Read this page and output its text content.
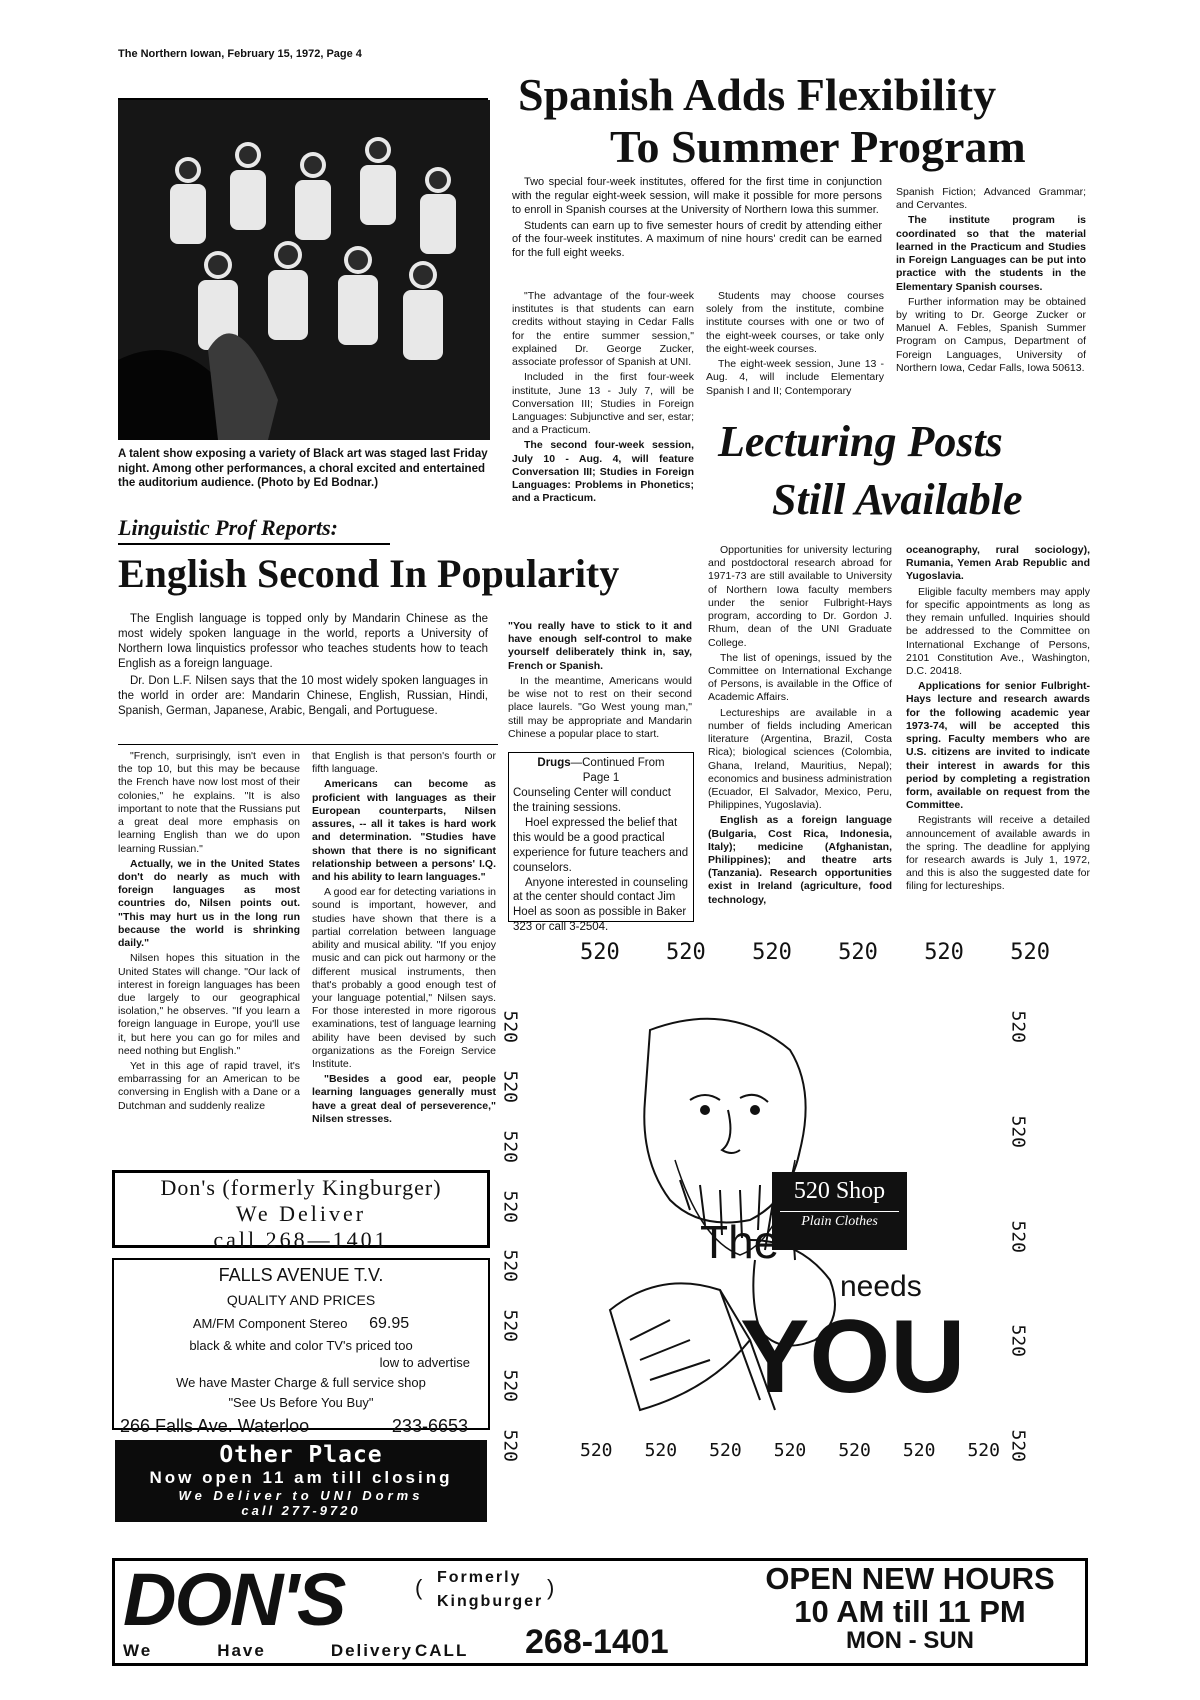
The Northern Iowan, February 15, 1972, Page 4
A talent show exposing a variety of Black art was staged last Friday night. Among other performances, a choral excited and entertained the auditorium audience. (Photo by Ed Bodnar.)
Spanish Adds Flexibility
To Summer Program

Two special four-week institutes, offered for the first time in conjunction with the regular eight-week session, will make it possible for more persons to enroll in Spanish courses at the University of Northern Iowa this summer.

Students can earn up to five semester hours of credit by attending either of the four-week institutes. A maximum of nine hours' credit can be earned for the full eight weeks.

"The advantage of the four-week institutes is that students can earn credits without staying in Cedar Falls for the entire summer session," explained Dr. George Zucker, associate professor of Spanish at UNI.

Included in the first four-week institute, June 13 - July 7, will be Conversation III; Studies in Foreign Languages: Subjunctive and ser, estar; and a Practicum.

The second four-week session, July 10 - Aug. 4, will feature Conversation III; Studies in Foreign Languages: Problems in Phonetics; and a Practicum.

Students may choose courses solely from the institute, combine institute courses with one or two of the eight-week courses, or take only the eight-week courses.

The eight-week session, June 13 - Aug. 4, will include Elementary Spanish I and II; Contemporary

Spanish Fiction; Advanced Grammar; and Cervantes.

The institute program is coordinated so that the material learned in the Practicum and Studies in Foreign Languages can be put into practice with the students in the Elementary Spanish courses.

Further information may be obtained by writing to Dr. George Zucker or Manuel A. Febles, Spanish Summer Program on Campus, Department of Foreign Languages, University of Northern Iowa, Cedar Falls, Iowa 50613.

Lecturing Posts
Still Available
Linguistic Prof Reports:
English Second In Popularity

The English language is topped only by Mandarin Chinese as the most widely spoken language in the world, reports a University of Northern Iowa linquistics professor who teaches students how to teach English as a foreign language.

Dr. Don L.F. Nilsen says that the 10 most widely spoken languages in the world in order are: Mandarin Chinese, English, Russian, Hindi, Spanish, German, Japanese, Arabic, Bengali, and Portuguese.

"French, surprisingly, isn't even in the top 10, but this may be because the French have now lost most of their colonies," he explains. "It is also important to note that the Russians put a great deal more emphasis on learning English than we do upon learning Russian."

Actually, we in the United States don't do nearly as much with foreign languages as most countries do, Nilsen points out. "This may hurt us in the long run because the world is shrinking daily."

Nilsen hopes this situation in the United States will change. "Our lack of interest in foreign languages has been due largely to our geographical isolation," he observes. "If you learn a foreign language in Europe, you'll use it, but here you can go for miles and need nothing but English."

Yet in this age of rapid travel, it's embarrassing for an American to be conversing in English with a Dane or a Dutchman and suddenly realize

that English is that person's fourth or fifth language.

Americans can become as proficient with languages as their European counterparts, Nilsen assures, -- all it takes is hard work and determination. "Studies have shown that there is no significant relationship between a persons' I.Q. and his ability to learn languages."

A good ear for detecting variations in sound is important, however, and studies have shown that there is a partial correlation between language ability and musical ability. "If you enjoy music and can pick out harmony or the different musical instruments, then that's probably a good enough test of your language potential," Nilsen says. For those interested in more rigorous examinations, test of language learning ability have been devised by such organizations as the Foreign Service Institute.

"Besides a good ear, people learning languages generally must have a great deal of perseverence," Nilsen stresses.

"You really have to stick to it and have enough self-control to make yourself deliberately think in, say, French or Spanish.

In the meantime, Americans would be wise not to rest on their second place laurels. "Go West young man," still may be appropriate and Mandarin Chinese a popular place to start.

Drugs—Continued From
Page 1
Counseling Center will conduct the training sessions.
Hoel expressed the belief that this would be a good practical experience for future teachers and counselors.
Anyone interested in counseling at the center should contact Jim Hoel as soon as possible in Baker 323 or call 3-2504.

Opportunities for university lecturing and postdoctoral research abroad for 1971-73 are still available to University of Northern Iowa faculty members under the senior Fulbright-Hays program, according to Dr. Gordon J. Rhum, dean of the UNI Graduate College.

The list of openings, issued by the Committee on International Exchange of Persons, is available in the Office of Academic Affairs.

Lectureships are available in a number of fields including American literature (Argentina, Brazil, Costa Rica); biological sciences (Colombia, Ghana, Ireland, Mauritius, Nepal); economics and business administration (Ecuador, El Salvador, Mexico, Peru, Philippines, Yugoslavia).

English as a foreign language (Bulgaria, Cost Rica, Indonesia, Italy); medicine (Afghanistan, Philippines); and theatre arts (Tanzania). Research opportunities exist in Ireland (agriculture, food technology,

oceanography, rural sociology), Rumania, Yemen Arab Republic and Yugoslavia.

Eligible faculty members may apply for specific appointments as long as they remain unfulled. Inquiries should be addressed to the Committee on International Exchange of Persons, 2101 Constitution Ave., Washington, D.C. 20418.

Applications for senior Fulbright-Hays lecture and research awards for the following academic year 1973-74, will be accepted this spring. Faculty members who are U.S. citizens are invited to indicate their interest in awards for this period by completing a registration form, available on request from the Committee.

Registrants will receive a detailed announcement of available awards in the spring. The deadline for applying for research awards is July 1, 1972, and this is also the suggested date for filing for lectureships.

Don's (formerly Kingburger)
We Deliver
call 268—1401
FALLS AVENUE T.V.
QUALITY AND PRICES
AM/FM Component Stereo 69.95
black & white and color TV's priced too
low to advertise
We have Master Charge & full service shop
"See Us Before You Buy"
266 Falls Ave. Waterloo	233-6653
Other Place
Now open 11 am till closing
We Deliver to UNI Dorms
call 277-9720
520 520 520 520 520 520
520 520 520 520 520 520 520
520
520
520
520
520
520
520
520
520
520
520
520
520
520 Shop
Plain Clothes
The
needs
YOU
DON'S
We	Have	Delivery
( Formerly
Kingburger
)
CALL 268-1401
OPEN NEW HOURS
10 AM till 11 PM
MON - SUN
